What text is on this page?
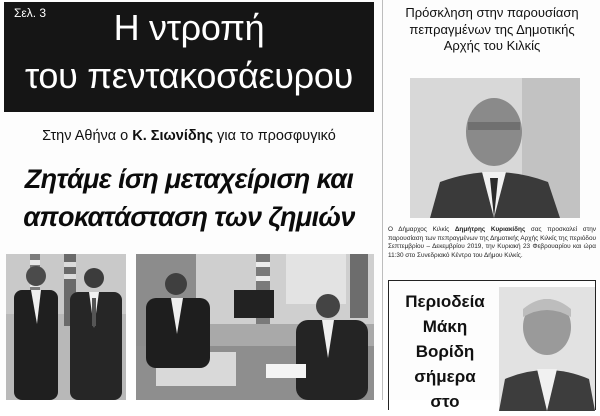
Σελ. 3	Η ντροπή
του πεντακοσάευρου
Στην Αθήνα ο Κ. Σιωνίδης για το προσφυγικό
Ζητάμε ίση μεταχείριση και
αποκατάσταση των ζημιών
Πρόσκληση στην παρουσίαση
πεπραγμένων της Δημοτικής
Αρχής του Κιλκίς
Ο Δήμαρχος Κιλκίς Δημήτρης Κυριακίδης σας προσκαλεί στην παρουσίαση των πεπραγμένων της Δημοτικής Αρχής Κιλκίς της περιόδου Σεπτεμβρίου – Δεκεμβρίου 2019, την Κυριακή 23 Φεβρουαρίου και ώρα 11:30 στο Συνεδριακό Κέντρο του Δήμου Κιλκίς.
Περιοδεία
Μάκη
Βορίδη
σήμερα
στο
